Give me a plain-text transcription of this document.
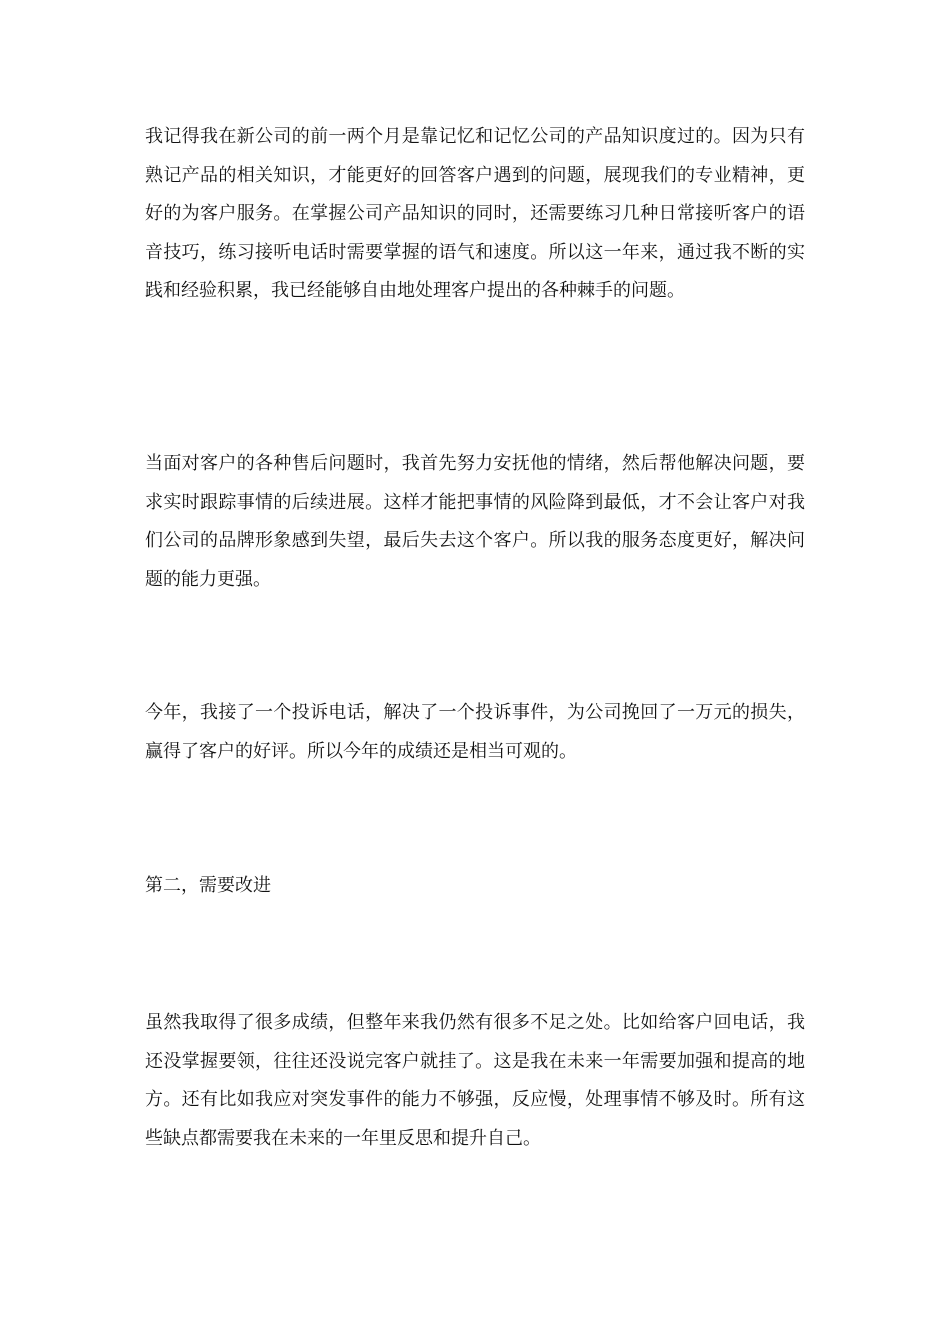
我记得我在新公司的前一两个月是靠记忆和记忆公司的产品知识度过的。因为只有熟记产品的相关知识，才能更好的回答客户遇到的问题，展现我们的专业精神，更好的为客户服务。在掌握公司产品知识的同时，还需要练习几种日常接听客户的语音技巧，练习接听电话时需要掌握的语气和速度。所以这一年来，通过我不断的实践和经验积累，我已经能够自由地处理客户提出的各种棘手的问题。

当面对客户的各种售后问题时，我首先努力安抚他的情绪，然后帮他解决问题，要求实时跟踪事情的后续进展。这样才能把事情的风险降到最低，才不会让客户对我们公司的品牌形象感到失望，最后失去这个客户。所以我的服务态度更好，解决问题的能力更强。

今年，我接了一个投诉电话，解决了一个投诉事件，为公司挽回了一万元的损失，赢得了客户的好评。所以今年的成绩还是相当可观的。

第二，需要改进

虽然我取得了很多成绩，但整年来我仍然有很多不足之处。比如给客户回电话，我还没掌握要领，往往还没说完客户就挂了。这是我在未来一年需要加强和提高的地方。还有比如我应对突发事件的能力不够强，反应慢，处理事情不够及时。所有这些缺点都需要我在未来的一年里反思和提升自己。
